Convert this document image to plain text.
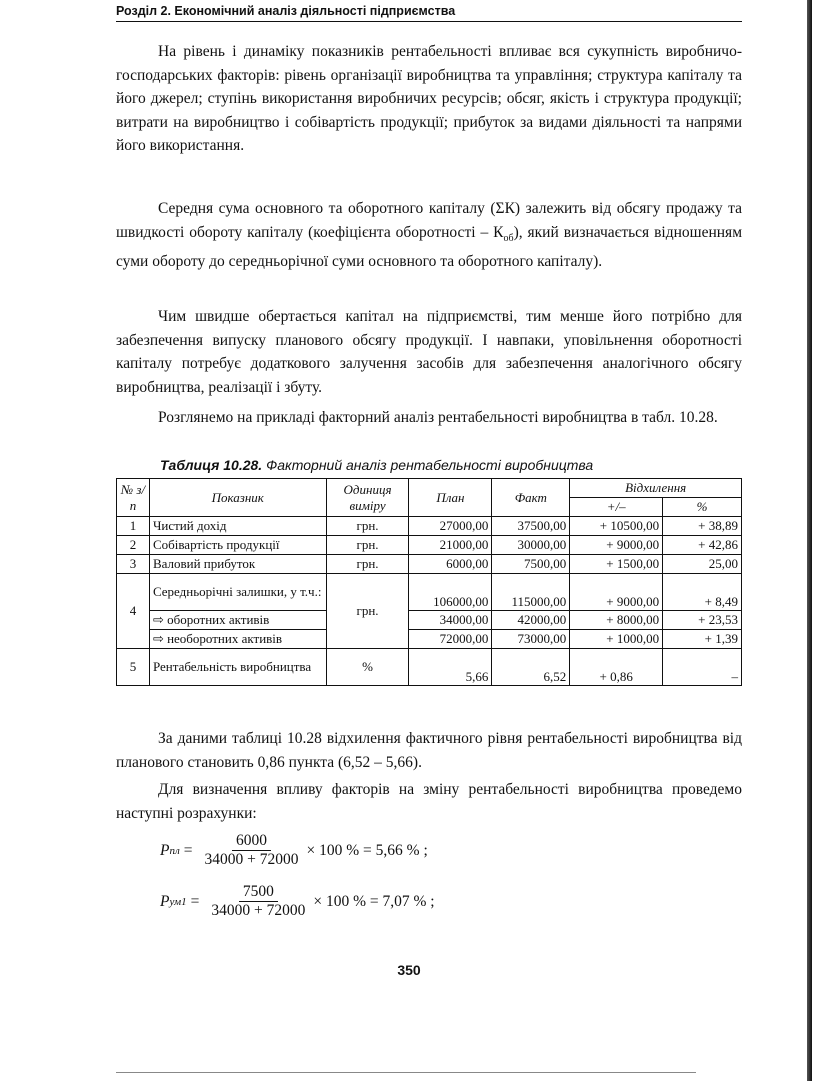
Розділ 2. Економічний аналіз діяльності підприємства
На рівень і динаміку показників рентабельності впливає вся сукупність виробничо-господарських факторів: рівень організації виробництва та управління; структура капіталу та його джерел; ступінь використання виробничих ресурсів; обсяг, якість і структура продукції; витрати на виробництво і собівартість продукції; прибуток за видами діяльності та напрями його використання.
Середня сума основного та оборотного капіталу (ΣК) залежить від обсягу продажу та швидкості обороту капіталу (коефіцієнта оборотності – $К_{об}$), який визначається відношенням суми обороту до середньорічної суми основного та оборотного капіталу).
Чим швидше обертається капітал на підприємстві, тим менше його потрібно для забезпечення випуску планового обсягу продукції. І навпаки, уповільнення оборотності капіталу потребує додаткового залучення засобів для забезпечення аналогічного обсягу виробництва, реалізації і збуту.
Розглянемо на прикладі факторний аналіз рентабельності виробництва в табл. 10.28.
Таблиця 10.28. Факторний аналіз рентабельності виробництва
№ з/п	Показник	Одиниця виміру	План	Факт	Відхилення	
					+/–	%
1	Чистий дохід	грн.	27000,00	37500,00	+ 10500,00	+ 38,89
2	Собівартість продукції	грн.	21000,00	30000,00	+ 9000,00	+ 42,86
3	Валовий прибуток	грн.	6000,00	7500,00	+ 1500,00	25,00
4	Середньорічні залишки, у т.ч.:	грн.	106000,00	115000,00	+ 9000,00	+ 8,49
	⇨ оборотних активів		34000,00	42000,00	+ 8000,00	+ 23,53
	⇨ необоротних активів		72000,00	73000,00	+ 1000,00	+ 1,39
5	Рентабельність виробництва	%	5,66	6,52	+ 0,86	–
За даними таблиці 10.28 відхилення фактичного рівня рентабельності виробництва від планового становить 0,86 пункта (6,52 – 5,66).
Для визначення впливу факторів на зміну рентабельності виробництва проведемо наступні розрахунки:
P пл = $\frac{6000}{34000 + 72000} \times 100$ % = 5,66 % ;
P $ум1 = \frac{7500}{34000 + 72000} \times 100$ % = 7,07 % ;
350
